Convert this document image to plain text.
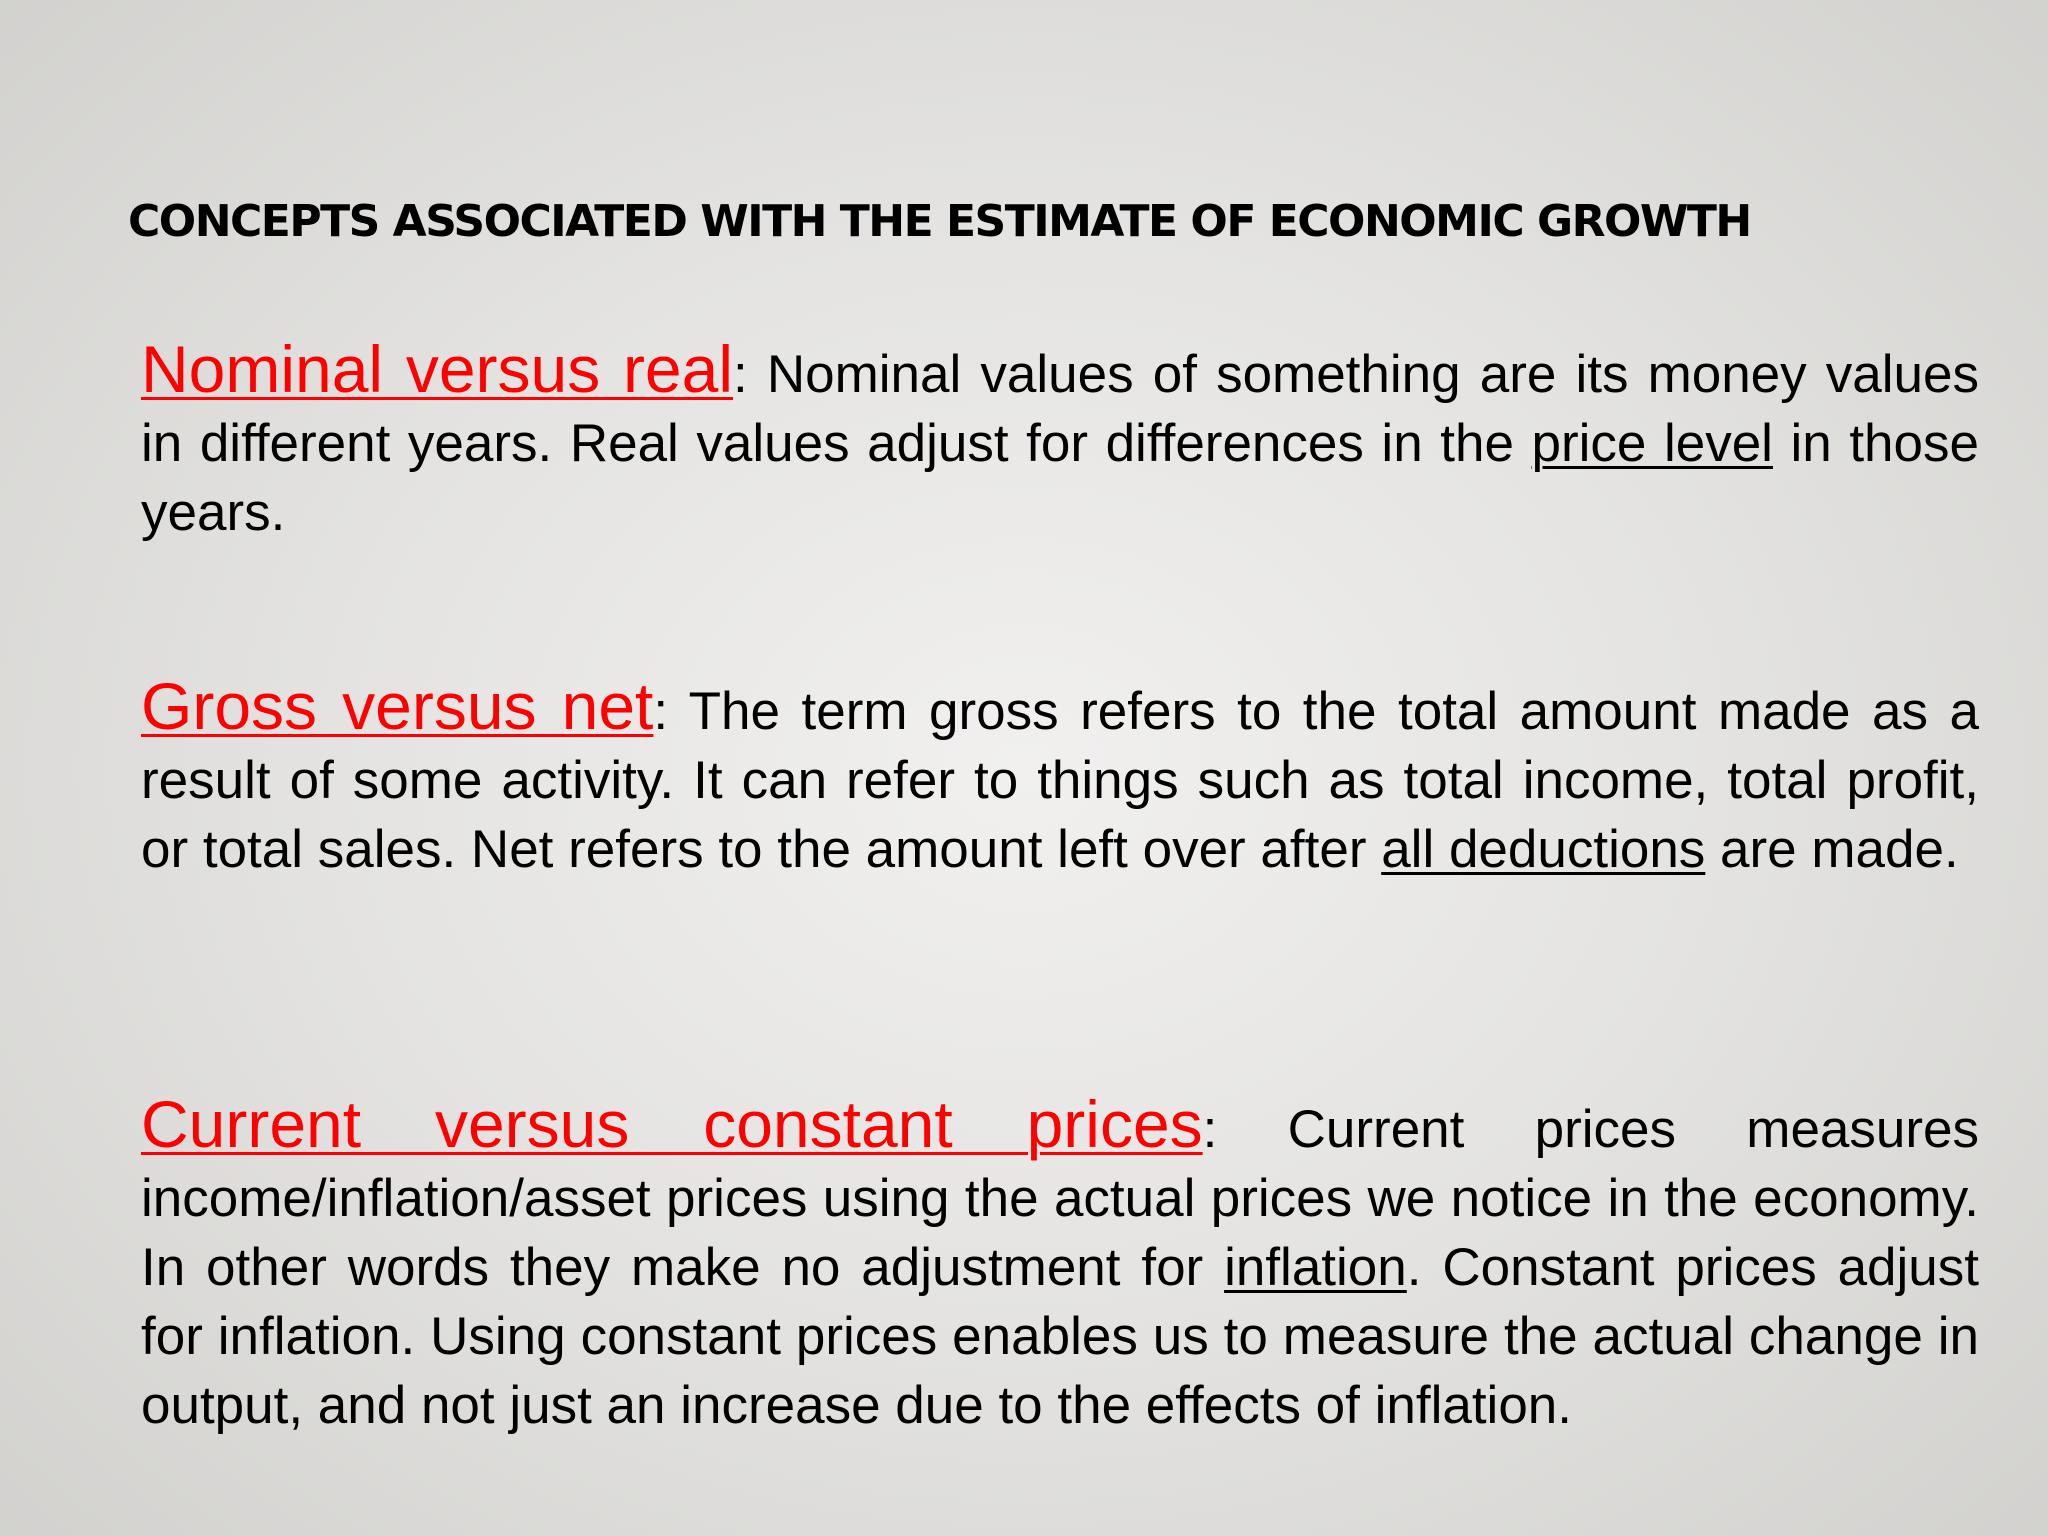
CONCEPTS ASSOCIATED WITH THE ESTIMATE OF ECONOMIC GROWTH

Nominal versus real: Nominal values of something are its money values in different years. Real values adjust for differences in the price level in those years.

Gross versus net: The term gross refers to the total amount made as a result of some activity. It can refer to things such as total income, total profit, or total sales. Net refers to the amount left over after all deductions are made.

Current versus constant prices: Current prices measures income/inflation/asset prices using the actual prices we notice in the economy. In other words they make no adjustment for inflation. Constant prices adjust for inflation. Using constant prices enables us to measure the actual change in output, and not just an increase due to the effects of inflation.
